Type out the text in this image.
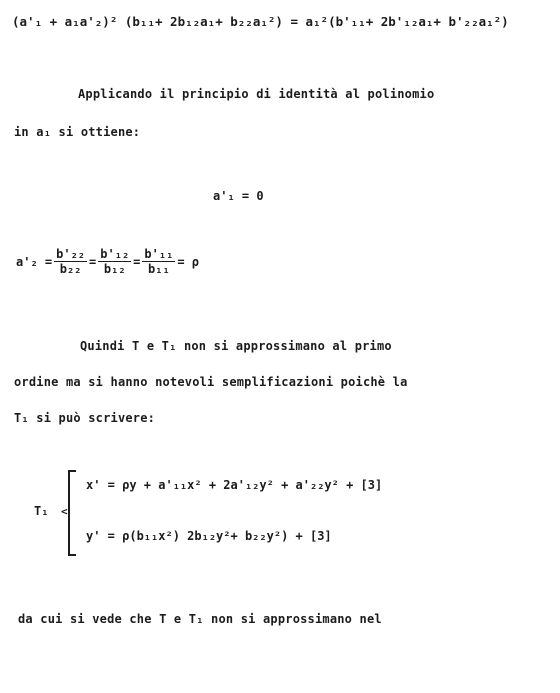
(a'₁ + a₁a'₂)² (b₁₁+ 2b₁₂a₁+ b₂₂a₁²) = a₁²(b'₁₁+ 2b'₁₂a₁+ b'₂₂a₁²)
Applicando il principio di identità al polinomio
in a₁ si ottiene:
a'₁ = 0
$a'_2 = \frac{\text{b'₂₂}}{\text{b₂₂}} = \frac{\text{b'₁₂}}{\text{b₁₂}} = \frac{\text{b'₁₁}}{\text{b₁₁}} = \rho$
Quindi T e T₁ non si approssimano al primo
ordine ma si hanno notevoli semplificazioni poichè la
T₁ si può scrivere:
T₁ <
x' = ρy + a'₁₁x² + 2a'₁₂y² + a'₂₂y² + [3]
y' = ρ(b₁₁x²) 2b₁₂y²+ b₂₂y²) + [3]
da cui si vede che T e T₁ non si approssimano nel
